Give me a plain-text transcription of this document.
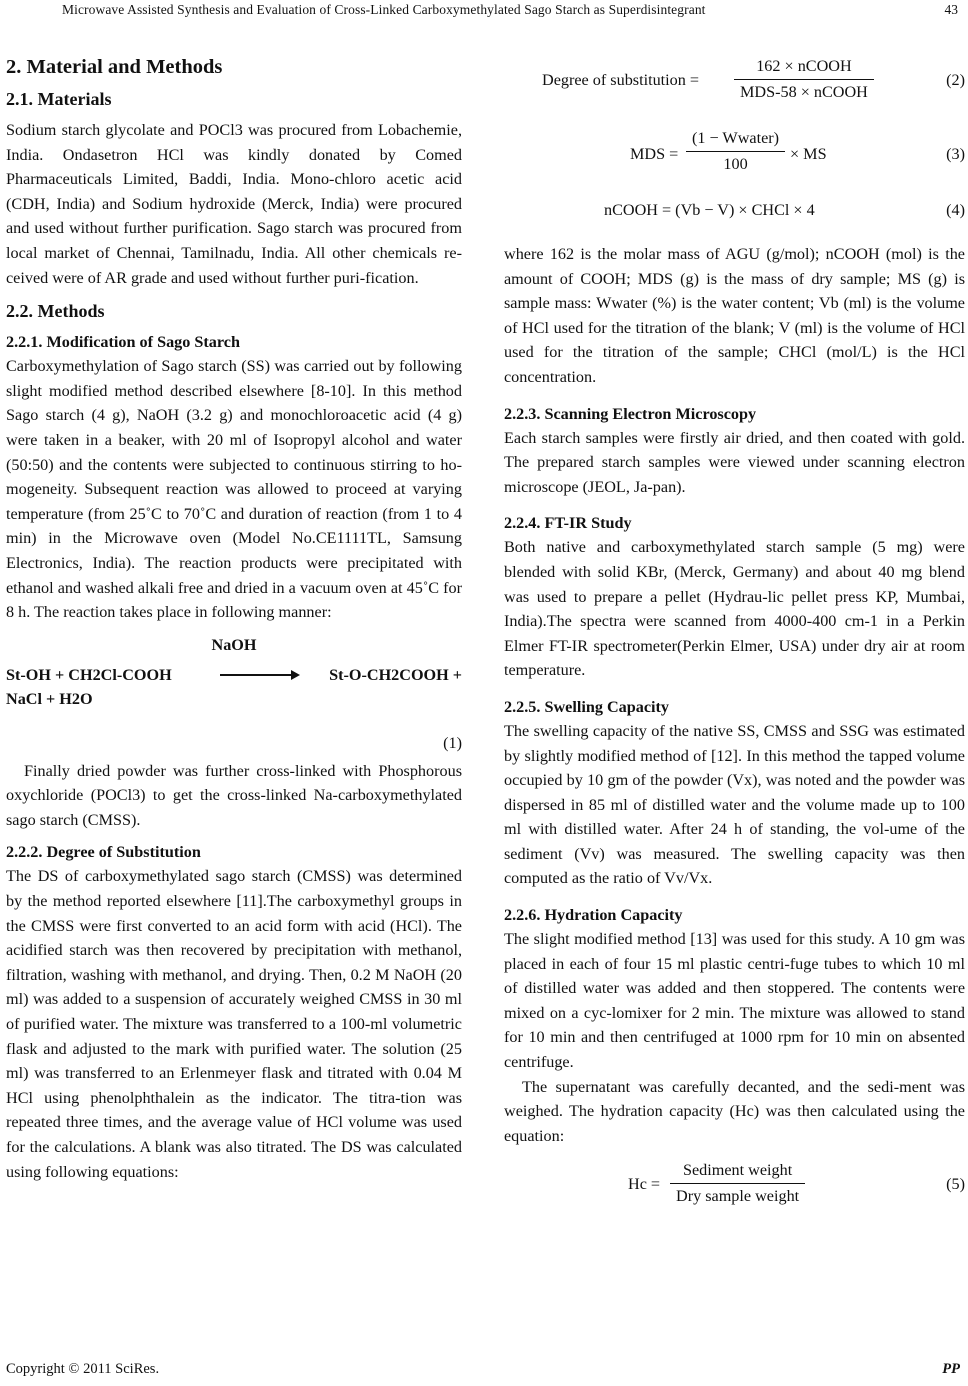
Microwave Assisted Synthesis and Evaluation of Cross-Linked Carboxymethylated Sago Starch as Superdisintegrant	43
2. Material and Methods
2.1. Materials

Sodium starch glycolate and POCl3 was procured from Lobachemie, India. Ondasetron HCl was kindly donated by Comed Pharmaceuticals Limited, Baddi, India. Mono-chloro acetic acid (CDH, India) and Sodium hydroxide (Merck, India) were procured and used without further purification. Sago starch was procured from local market of Chennai, Tamilnadu, India. All other chemicals re-ceived were of AR grade and used without further puri-fication.

2.2. Methods
2.2.1. Modification of Sago Starch

Carboxymethylation of Sago starch (SS) was carried out by following slight modified method described elsewhere [8-10]. In this method Sago starch (4 g), NaOH (3.2 g) and monochloroacetic acid (4 g) were taken in a beaker, with 20 ml of Isopropyl alcohol and water (50:50) and the contents were subjected to continuous stirring to ho-mogeneity. Subsequent reaction was allowed to proceed at varying temperature (from 25˚C to 70˚C and duration of reaction (from 1 to 4 min) in the Microwave oven (Model No.CE1111TL, Samsung Electronics, India). The reaction products were precipitated with ethanol and washed alkali free and dried in a vacuum oven at 45˚C for 8 h. The reaction takes place in following manner:

NaOH
St-OH + CH2Cl-COOH	St-O-CH2COOH +
NaCl + H2O
(1)

Finally dried powder was further cross-linked with Phosphorous oxychloride (POCl3) to get the cross-linked Na-carboxymethylated sago starch (CMSS).

2.2.2. Degree of Substitution

The DS of carboxymethylated sago starch (CMSS) was determined by the method reported elsewhere [11].The carboxymethyl groups in the CMSS were first converted to an acid form with acid (HCl). The acidified starch was then recovered by precipitation with methanol, filtration, washing with methanol, and drying. Then, 0.2 M NaOH (20 ml) was added to a suspension of accurately weighed CMSS in 30 ml of purified water. The mixture was transferred to a 100-ml volumetric flask and adjusted to the mark with purified water. The solution (25 ml) was transferred to an Erlenmeyer flask and titrated with 0.04 M HCl using phenolphthalein as the indicator. The titra-tion was repeated three times, and the average value of HCl volume was used for the calculations. A blank was also titrated. The DS was calculated using following equations:

Degree of substitution =
162 × nCOOH
MDS-58 × nCOOH
(2)
MDS =
(1 − Wwater)
100
× MS	(3)
nCOOH = (Vb − V) × CHCl × 4	(4)

where 162 is the molar mass of AGU (g/mol); nCOOH (mol) is the amount of COOH; MDS (g) is the mass of dry sample; MS (g) is sample mass: Wwater (%) is the water content; Vb (ml) is the volume of HCl used for the titration of the blank; V (ml) is the volume of HCl used for the titration of the sample; CHCl (mol/L) is the HCl concentration.

2.2.3. Scanning Electron Microscopy

Each starch samples were firstly air dried, and then coated with gold. The prepared starch samples were viewed under scanning electron microscope (JEOL, Ja-pan).

2.2.4. FT-IR Study

Both native and carboxymethylated starch sample (5 mg) were blended with solid KBr, (Merck, Germany) and about 40 mg blend was used to prepare a pellet (Hydrau-lic pellet press KP, Mumbai, India).The spectra were scanned from 4000-400 cm-1 in a Perkin Elmer FT-IR spectrometer(Perkin Elmer, USA) under dry air at room temperature.

2.2.5. Swelling Capacity

The swelling capacity of the native SS, CMSS and SSG was estimated by slightly modified method of [12]. In this method the tapped volume occupied by 10 gm of the powder (Vx), was noted and the powder was dispersed in 85 ml of distilled water and the volume made up to 100 ml with distilled water. After 24 h of standing, the vol-ume of the sediment (Vv) was measured. The swelling capacity was then computed as the ratio of Vv/Vx.

2.2.6. Hydration Capacity

The slight modified method [13] was used for this study. A 10 gm was placed in each of four 15 ml plastic centri-fuge tubes to which 10 ml of distilled water was added and then stoppered. The contents were mixed on a cyc-lomixer for 2 min. The mixture was allowed to stand for 10 min and then centrifuged at 1000 rpm for 10 min on absented centrifuge.

The supernatant was carefully decanted, and the sedi-ment was weighed. The hydration capacity (Hc) was then calculated using the equation:

Hc =
Sediment weight
Dry sample weight
(5)
Copyright © 2011 SciRes.	PP
